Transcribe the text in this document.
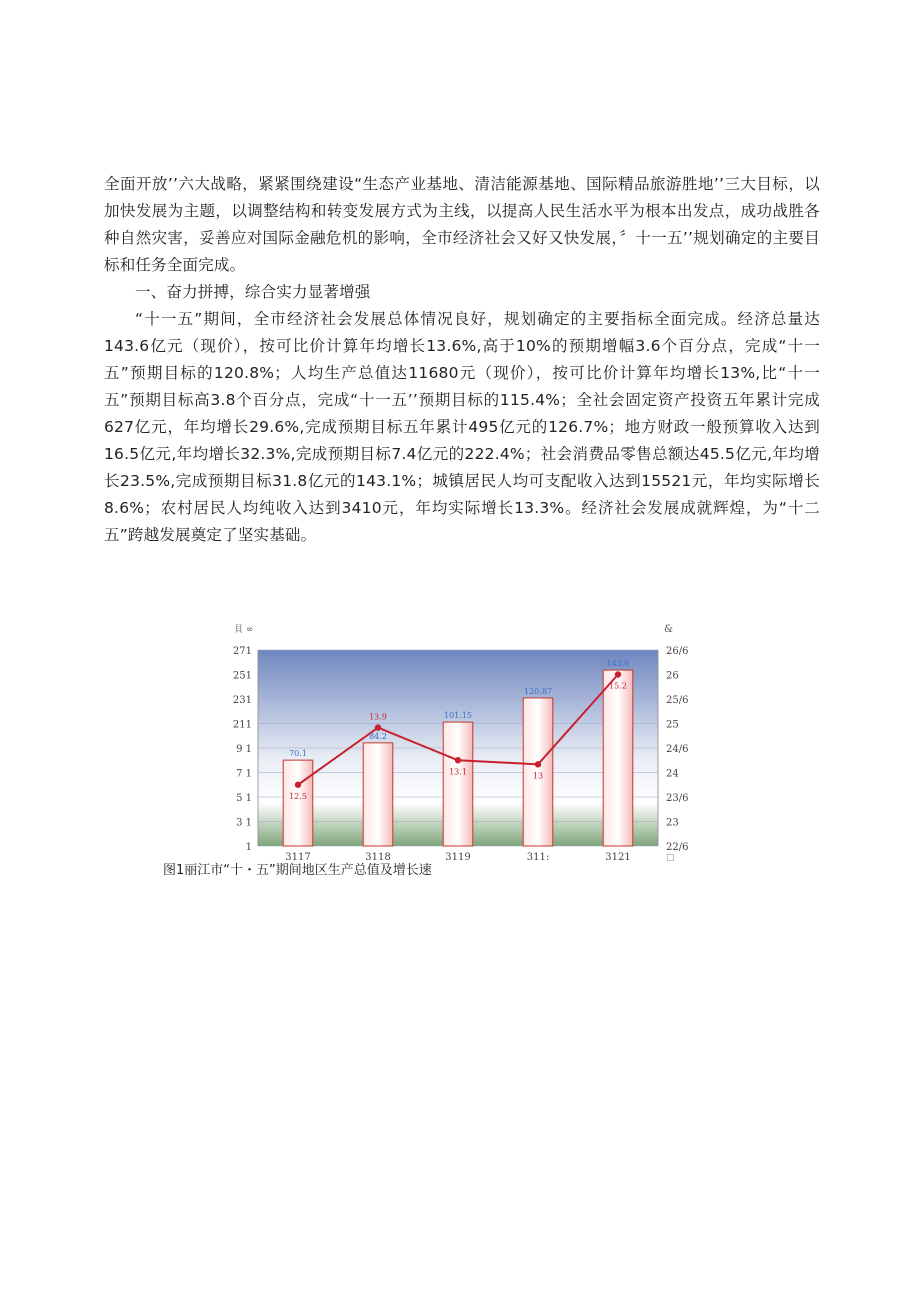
全面开放’’六大战略，紧紧围绕建设“生态产业基地、清洁能源基地、国际精品旅游胜地’’三大目标，以加快发展为主题，以调整结构和转变发展方式为主线，以提高人民生活水平为根本出发点，成功战胜各种自然灾害，妥善应对国际金融危机的影响，全市经济社会又好又快发展，〞十一五’’规划确定的主要目标和任务全面完成。

一、奋力拼搏，综合实力显著增强

“十一五”期间，全市经济社会发展总体情况良好，规划确定的主要指标全面完成。经济总量达143.6亿元（现价），按可比价计算年均增长13.6%,高于10%的预期增幅3.6个百分点，完成“十一五”预期目标的120.8%；人均生产总值达11680元（现价），按可比价计算年均增长13%,比“十一五”预期目标高3.8个百分点，完成“十一五’’预期目标的115.4%；全社会固定资产投资五年累计完成627亿元，年均增长29.6%,完成预期目标五年累计495亿元的126.7%；地方财政一般预算收入达到16.5亿元,年均增长32.3%,完成预期目标7.4亿元的222.4%；社会消费品零售总额达45.5亿元,年均增长23.5%,完成预期目标31.8亿元的143.1%；城镇居民人均可支配收入达到15521元，年均实际增长8.6%；农村居民人均纯收入达到3410元，年均实际增长13.3%。经济社会发展成就辉煌，为“十二五”跨越发展奠定了坚实基础。

271	26/6
251	26
231	25/6
211	25
9 1	24/6
7 1	24
5 1	23/6
3 1	23
1	22/6
貝 ∞	&
70.1
3117
84.2
3118
101.15
3119
120.87
311:
143.6
3121	□
12.5
13.9
13.1	13
15.2
图1丽江市“十・五”期间地区生产总值及增长速
